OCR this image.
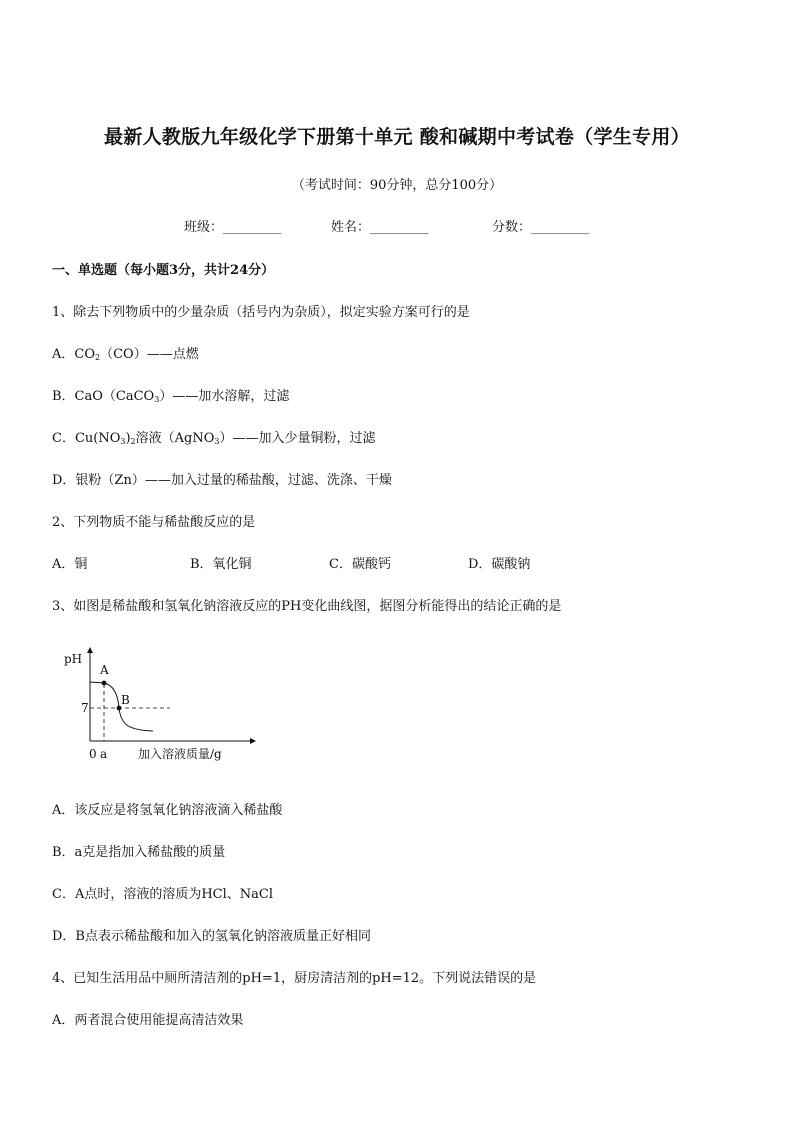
最新人教版九年级化学下册第十单元 酸和碱期中考试卷（学生专用）
（考试时间：90分钟，总分100分）
班级：_________	姓名：_________	分数：_________
一、单选题（每小题3分，共计24分）
1、除去下列物质中的少量杂质（括号内为杂质），拟定实验方案可行的是
A．$CO_2(CO)——$点燃
B．CaO（CaCO$_3$）——加水溶解，过滤
C．$Cu(NO_3)_2$溶液（AgNO$_3$）——加入少量铜粉，过滤
D．银粉（Zn）——加入过量的稀盐酸，过滤、洗涤、干燥
2、下列物质不能与稀盐酸反应的是
A．铜	B．氧化铜	C．碳酸钙	D．碳酸钠
3、如图是稀盐酸和氢氧化钠溶液反应的PH变化曲线图，据图分析能得出的结论正确的是
pH
7
A
B
0 a	加入溶液质量/g
A．该反应是将氢氧化钠溶液滴入稀盐酸
B．a克是指加入稀盐酸的质量
C．A点时，溶液的溶质为HCl、NaCl
D．B点表示稀盐酸和加入的氢氧化钠溶液质量正好相同
4、已知生活用品中厕所清洁剂的pH=1，厨房清洁剂的pH=12。下列说法错误的是
A．两者混合使用能提高清洁效果
